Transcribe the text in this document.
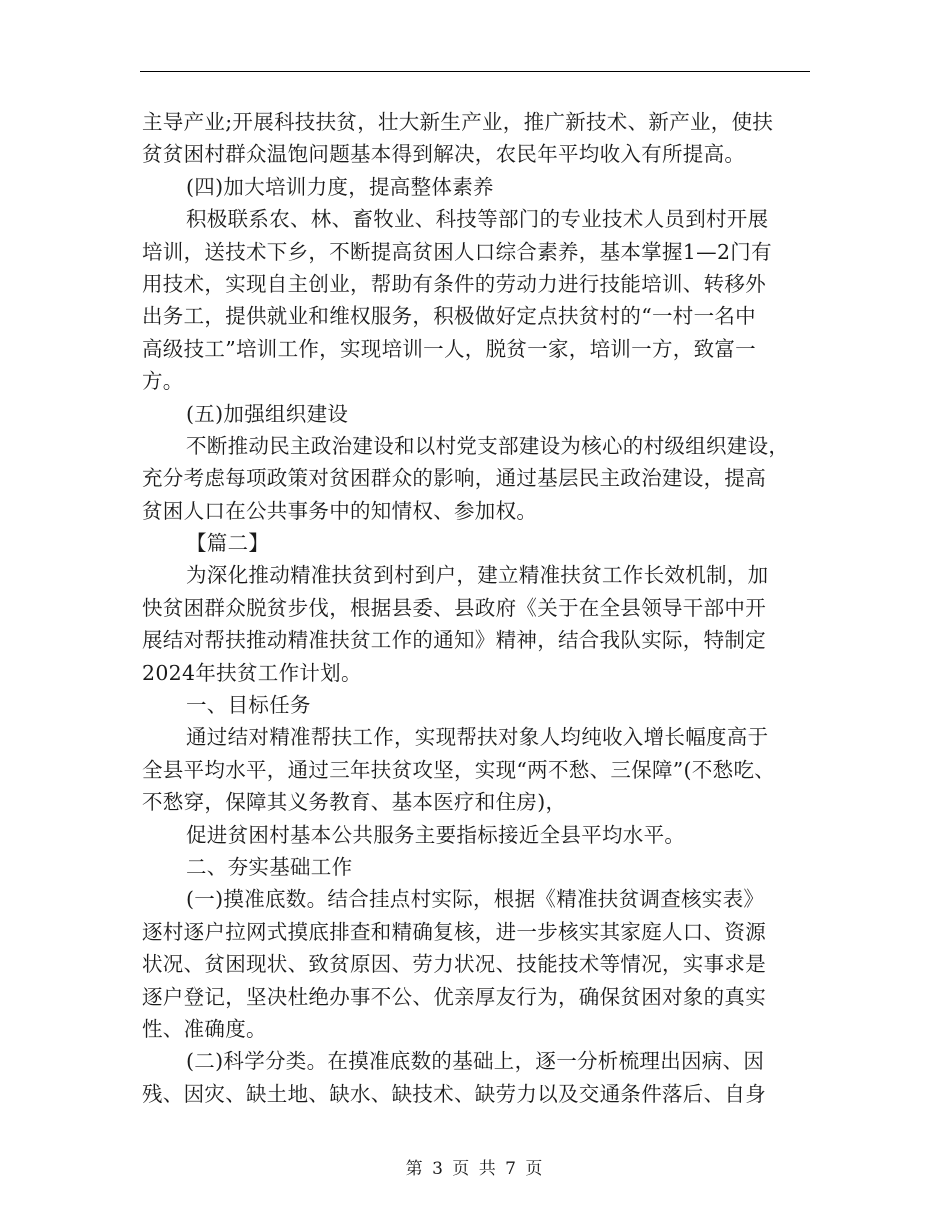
主导产业;开展科技扶贫，壮大新生产业，推广新技术、新产业，使扶
贫贫困村群众温饱问题基本得到解决，农民年平均收入有所提高。
(四)加大培训力度，提高整体素养
积极联系农、林、畜牧业、科技等部门的专业技术人员到村开展
培训，送技术下乡，不断提高贫困人口综合素养，基本掌握1—2门有
用技术，实现自主创业，帮助有条件的劳动力进行技能培训、转移外
出务工，提供就业和维权服务，积极做好定点扶贫村的“一村一名中
高级技工”培训工作，实现培训一人，脱贫一家，培训一方，致富一
方。
(五)加强组织建设
不断推动民主政治建设和以村党支部建设为核心的村级组织建设，
充分考虑每项政策对贫困群众的影响，通过基层民主政治建设，提高
贫困人口在公共事务中的知情权、参加权。
【篇二】
为深化推动精准扶贫到村到户，建立精准扶贫工作长效机制，加
快贫困群众脱贫步伐，根据县委、县政府《关于在全县领导干部中开
展结对帮扶推动精准扶贫工作的通知》精神，结合我队实际，特制定
2024年扶贫工作计划。
一、目标任务
通过结对精准帮扶工作，实现帮扶对象人均纯收入增长幅度高于
全县平均水平，通过三年扶贫攻坚，实现“两不愁、三保障”(不愁吃、
不愁穿，保障其义务教育、基本医疗和住房)，
促进贫困村基本公共服务主要指标接近全县平均水平。
二、夯实基础工作
(一)摸准底数。结合挂点村实际，根据《精准扶贫调查核实表》
逐村逐户拉网式摸底排查和精确复核，进一步核实其家庭人口、资源
状况、贫困现状、致贫原因、劳力状况、技能技术等情况，实事求是
逐户登记，坚决杜绝办事不公、优亲厚友行为，确保贫困对象的真实
性、准确度。
(二)科学分类。在摸准底数的基础上，逐一分析梳理出因病、因
残、因灾、缺土地、缺水、缺技术、缺劳力以及交通条件落后、自身
第 3 页 共 7 页
